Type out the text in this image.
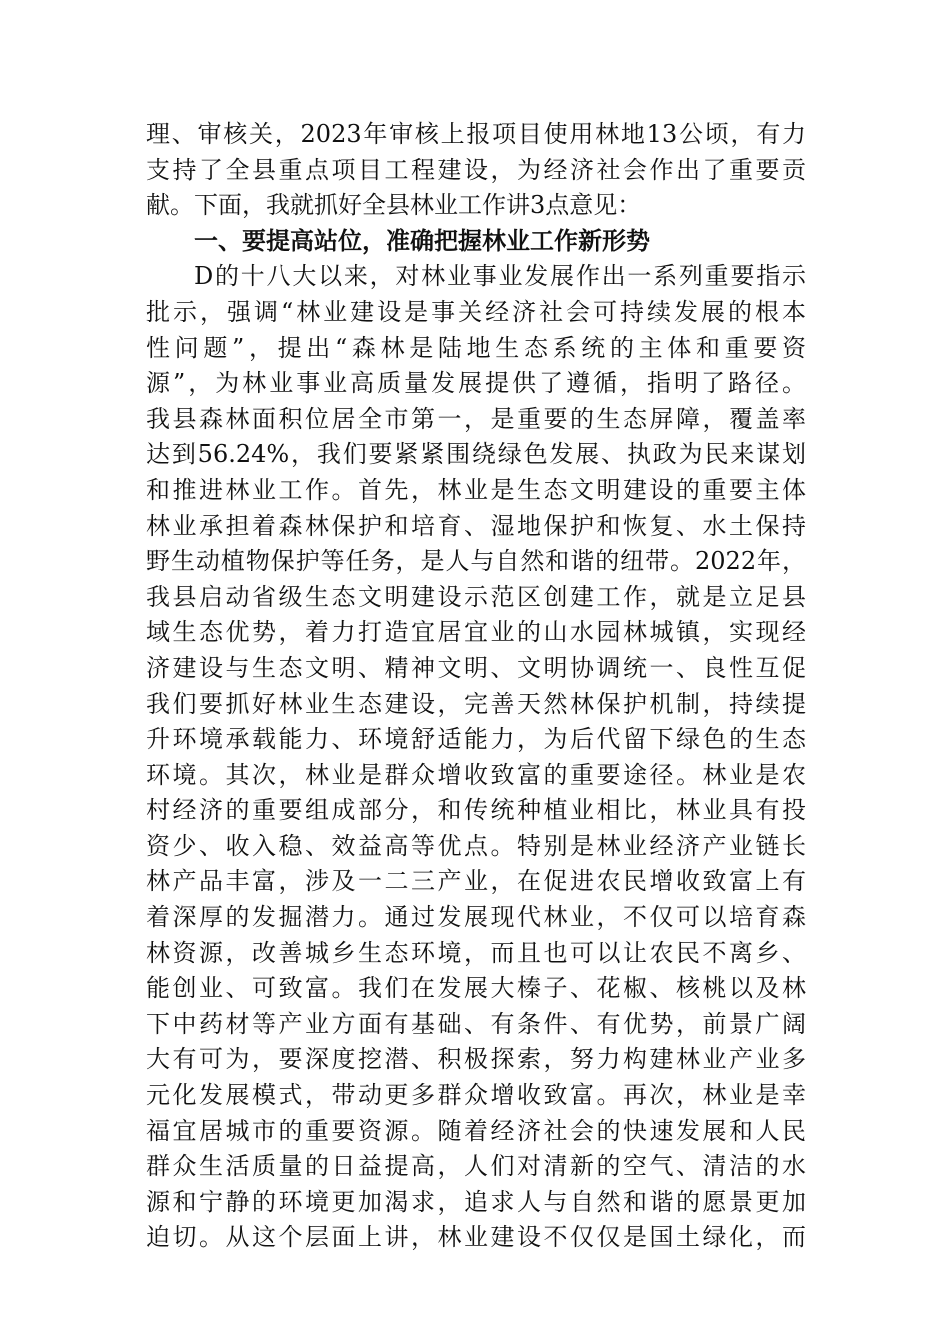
理、审核关，2023年审核上报项目使用林地13公顷，有力
支持了全县重点项目工程建设，为经济社会作出了重要贡
献。下面，我就抓好全县林业工作讲3点意见：
一、要提高站位，准确把握林业工作新形势
D的十八大以来，对林业事业发展作出一系列重要指示
批示，强调“林业建设是事关经济社会可持续发展的根本
性问题”，提出“森林是陆地生态系统的主体和重要资
源”，为林业事业高质量发展提供了遵循，指明了路径。
我县森林面积位居全市第一，是重要的生态屏障，覆盖率
达到56.24%，我们要紧紧围绕绿色发展、执政为民来谋划
和推进林业工作。首先，林业是生态文明建设的重要主体
林业承担着森林保护和培育、湿地保护和恢复、水土保持
野生动植物保护等任务，是人与自然和谐的纽带。2022年，
我县启动省级生态文明建设示范区创建工作，就是立足县
域生态优势，着力打造宜居宜业的山水园林城镇，实现经
济建设与生态文明、精神文明、文明协调统一、良性互促
我们要抓好林业生态建设，完善天然林保护机制，持续提
升环境承载能力、环境舒适能力，为后代留下绿色的生态
环境。其次，林业是群众增收致富的重要途径。林业是农
村经济的重要组成部分，和传统种植业相比，林业具有投
资少、收入稳、效益高等优点。特别是林业经济产业链长
林产品丰富，涉及一二三产业，在促进农民增收致富上有
着深厚的发掘潜力。通过发展现代林业，不仅可以培育森
林资源，改善城乡生态环境，而且也可以让农民不离乡、
能创业、可致富。我们在发展大榛子、花椒、核桃以及林
下中药材等产业方面有基础、有条件、有优势，前景广阔
大有可为，要深度挖潜、积极探索，努力构建林业产业多
元化发展模式，带动更多群众增收致富。再次，林业是幸
福宜居城市的重要资源。随着经济社会的快速发展和人民
群众生活质量的日益提高，人们对清新的空气、清洁的水
源和宁静的环境更加渴求，追求人与自然和谐的愿景更加
迫切。从这个层面上讲，林业建设不仅仅是国土绿化，而
